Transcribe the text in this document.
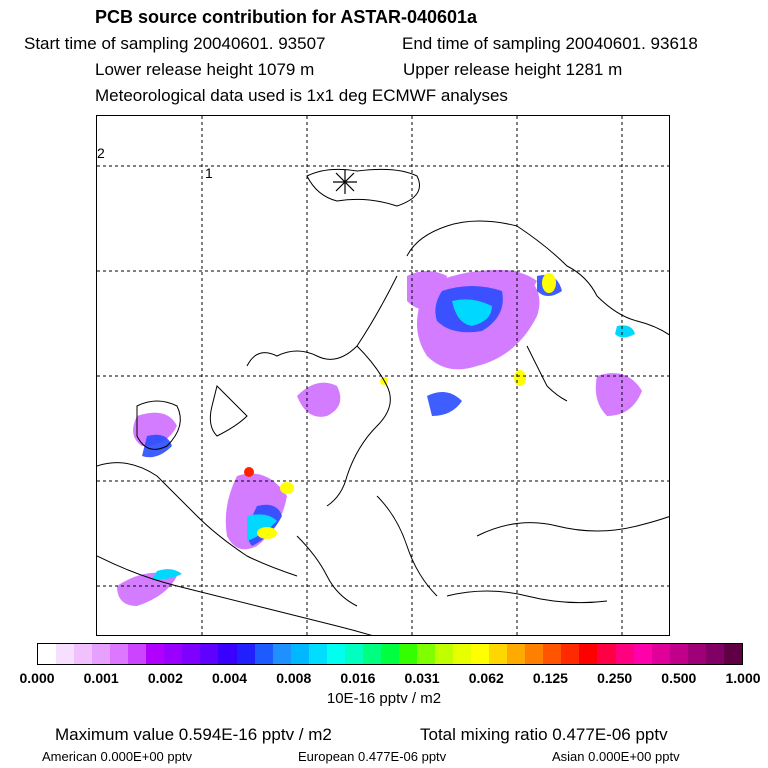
PCB source contribution for ASTAR-040601a
Start time of sampling 20040601. 93507	End time of sampling 20040601. 93618
Lower release height 1079 m	Upper release height 1281 m
Meteorological data used is 1x1 deg ECMWF analyses
2
1
0.000 0.001 0.002 0.004 0.008 0.016 0.031 0.062 0.125 0.250 0.500 1.000
10E-16 pptv / m2
Maximum value 0.594E-16 pptv / m2	Total mixing ratio 0.477E-06 pptv
American 0.000E+00 pptv	European 0.477E-06 pptv	Asian 0.000E+00 pptv
